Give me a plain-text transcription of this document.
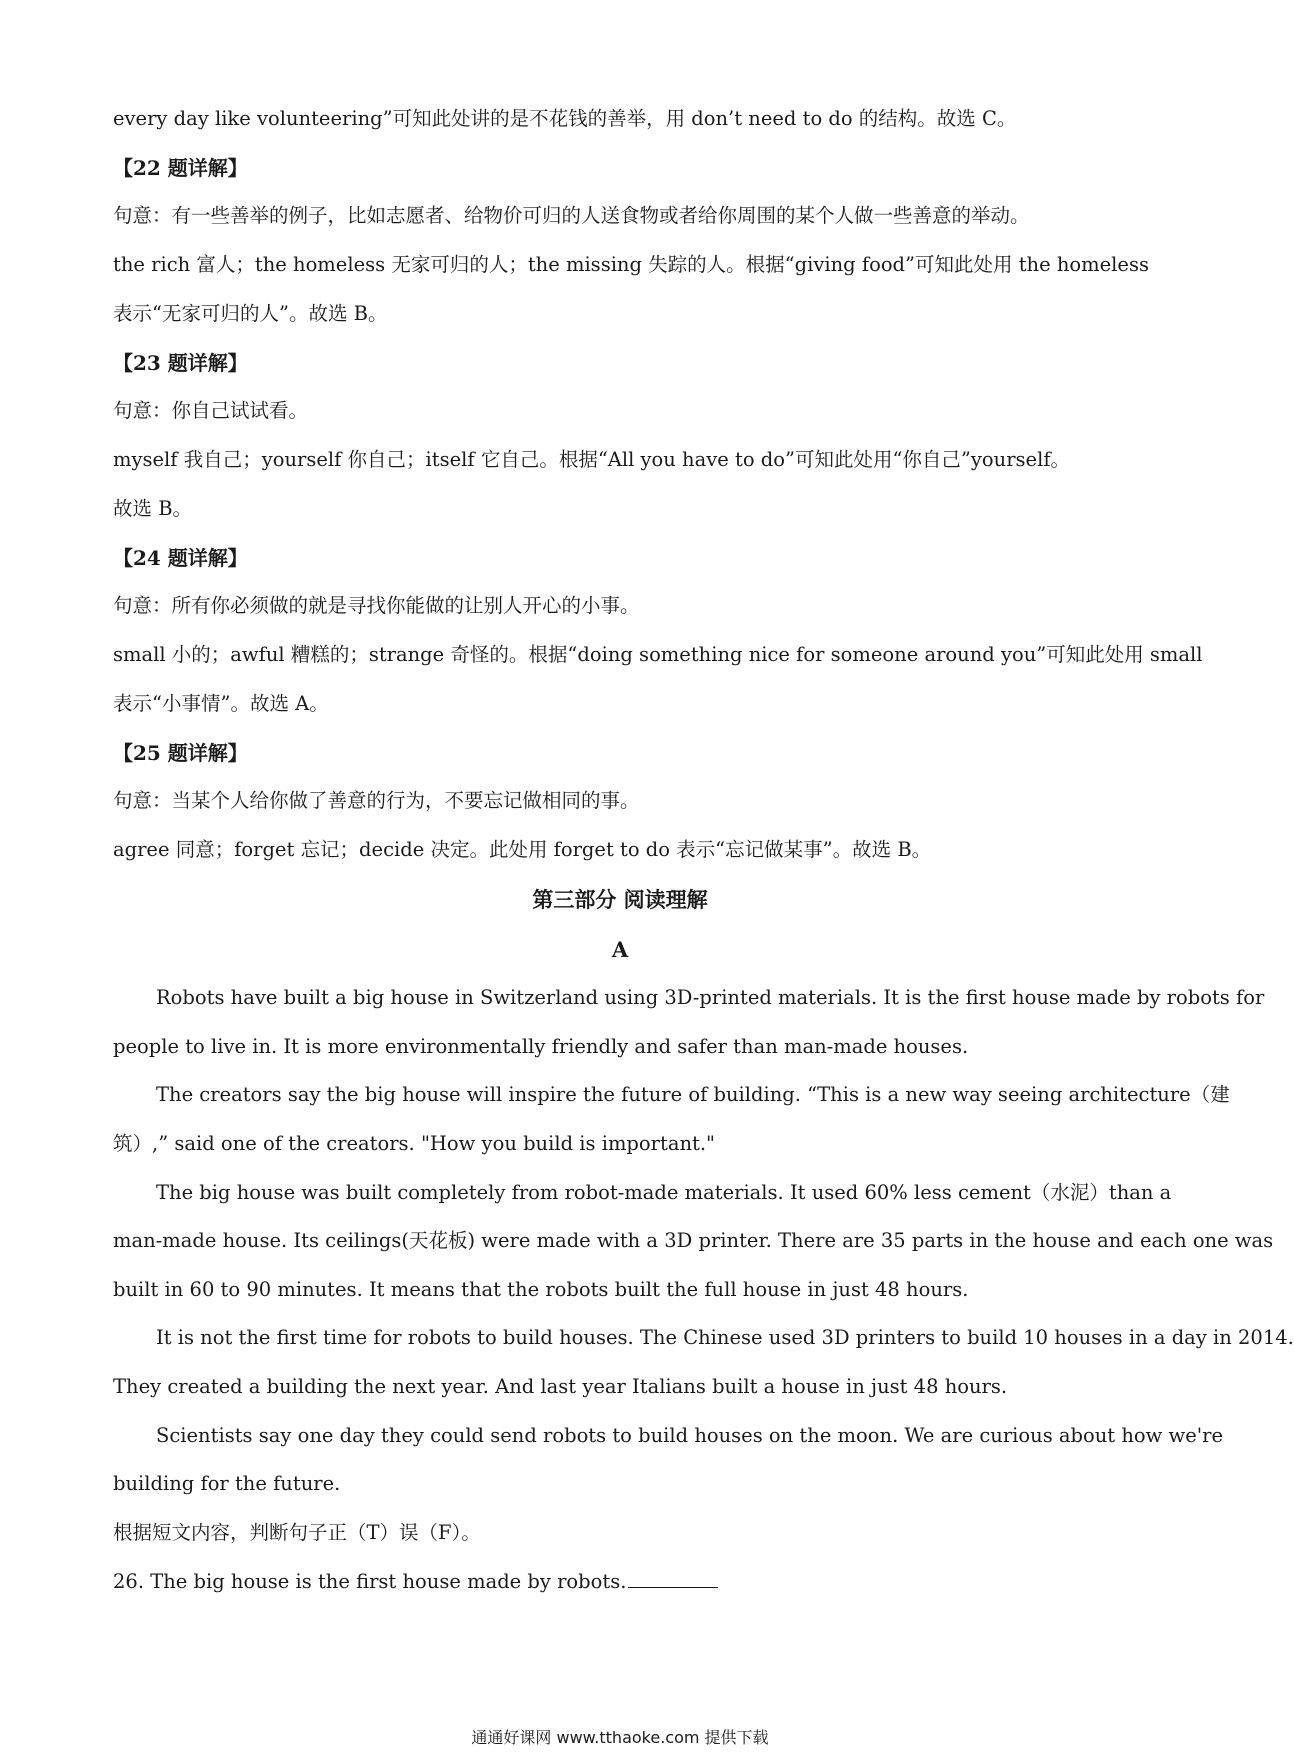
every day like volunteering”可知此处讲的是不花钱的善举，用 don’t need to do 的结构。故选 C。
【22 题详解】
句意：有一些善举的例子，比如志愿者、给物价可归的人送食物或者给你周围的某个人做一些善意的举动。
the rich 富人；the homeless 无家可归的人；the missing 失踪的人。根据“giving food”可知此处用 the homeless
表示“无家可归的人”。故选 B。
【23 题详解】
句意：你自己试试看。
myself 我自己；yourself 你自己；itself 它自己。根据“All you have to do”可知此处用“你自己”yourself。
故选 B。
【24 题详解】
句意：所有你必须做的就是寻找你能做的让别人开心的小事。
small 小的；awful 糟糕的；strange 奇怪的。根据“doing something nice for someone around you”可知此处用 small
表示“小事情”。故选 A。
【25 题详解】
句意：当某个人给你做了善意的行为，不要忘记做相同的事。
agree 同意；forget 忘记；decide 决定。此处用 forget to do 表示“忘记做某事”。故选 B。
第三部分 阅读理解
A
Robots have built a big house in Switzerland using 3D-printed materials. It is the first house made by robots for
people to live in. It is more environmentally friendly and safer than man-made houses.
The creators say the big house will inspire the future of building. “This is a new way seeing architecture（建
筑）,” said one of the creators. "How you build is important."
The big house was built completely from robot-made materials. It used 60% less cement（水泥）than a
man-made house. Its ceilings(天花板) were made with a 3D printer. There are 35 parts in the house and each one was
built in 60 to 90 minutes. It means that the robots built the full house in just 48 hours.
It is not the first time for robots to build houses. The Chinese used 3D printers to build 10 houses in a day in 2014.
They created a building the next year. And last year Italians built a house in just 48 hours.
Scientists say one day they could send robots to build houses on the moon. We are curious about how we're
building for the future.
根据短文内容，判断句子正（T）误（F）。
26. The big house is the first house made by robots.
通通好课网 www.tthaoke.com 提供下载
